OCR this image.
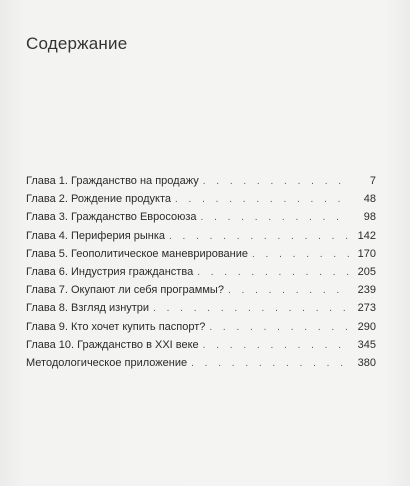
Содержание
Глава 1. Гражданство на продажу . . .	7
Глава 2. Рождение продукта . . .	48
Глава 3. Гражданство Евросоюза . . .	98
Глава 4. Периферия рынка . . .	142
Глава 5. Геополитическое маневрирование . . .	170
Глава 6. Индустрия гражданства . . .	205
Глава 7. Окупают ли себя программы? . . .	239
Глава 8. Взгляд изнутри . . .	273
Глава 9. Кто хочет купить паспорт? . . .	290
Глава 10. Гражданство в XXI веке . . .	345
Методологическое приложение . . .	380
